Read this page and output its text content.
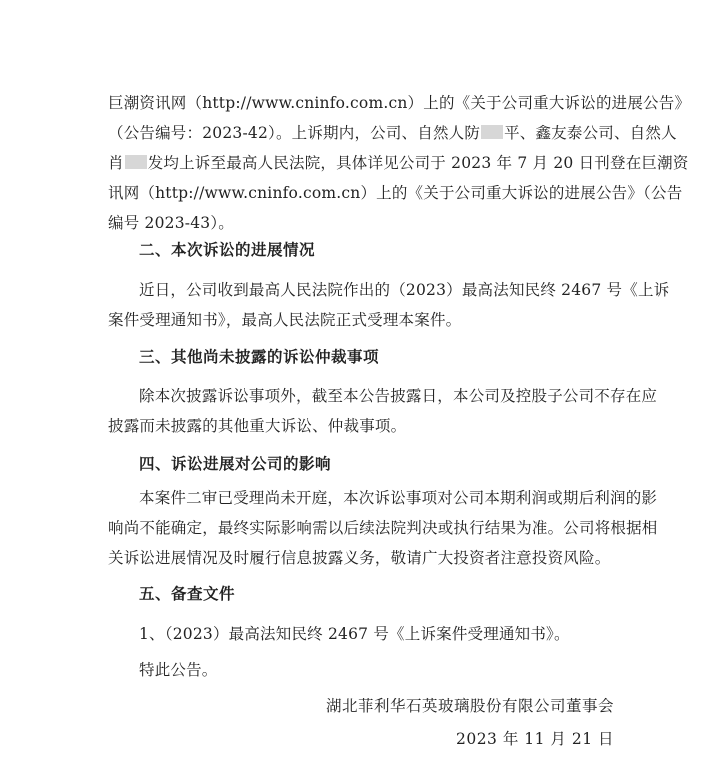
巨潮资讯网（http://www.cninfo.com.cn）上的《关于公司重大诉讼的进展公告》
（公告编号：2023-42）。上诉期内，公司、自然人防 平、鑫友泰公司、自然人
肖 发均上诉至最高人民法院，具体详见公司于 2023 年 7 月 20 日刊登在巨潮资
讯网（http://www.cninfo.com.cn）上的《关于公司重大诉讼的进展公告》（公告
编号 2023-43）。
二、本次诉讼的进展情况
近日，公司收到最高人民法院作出的（2023）最高法知民终 2467 号《上诉
案件受理通知书》，最高人民法院正式受理本案件。
三、其他尚未披露的诉讼仲裁事项
除本次披露诉讼事项外，截至本公告披露日，本公司及控股子公司不存在应
披露而未披露的其他重大诉讼、仲裁事项。
四、诉讼进展对公司的影响
本案件二审已受理尚未开庭，本次诉讼事项对公司本期利润或期后利润的影
响尚不能确定，最终实际影响需以后续法院判决或执行结果为准。公司将根据相
关诉讼进展情况及时履行信息披露义务，敬请广大投资者注意投资风险。
五、备查文件
1、（2023）最高法知民终 2467 号《上诉案件受理通知书》。
特此公告。
湖北菲利华石英玻璃股份有限公司董事会
2023 年 11 月 21 日
